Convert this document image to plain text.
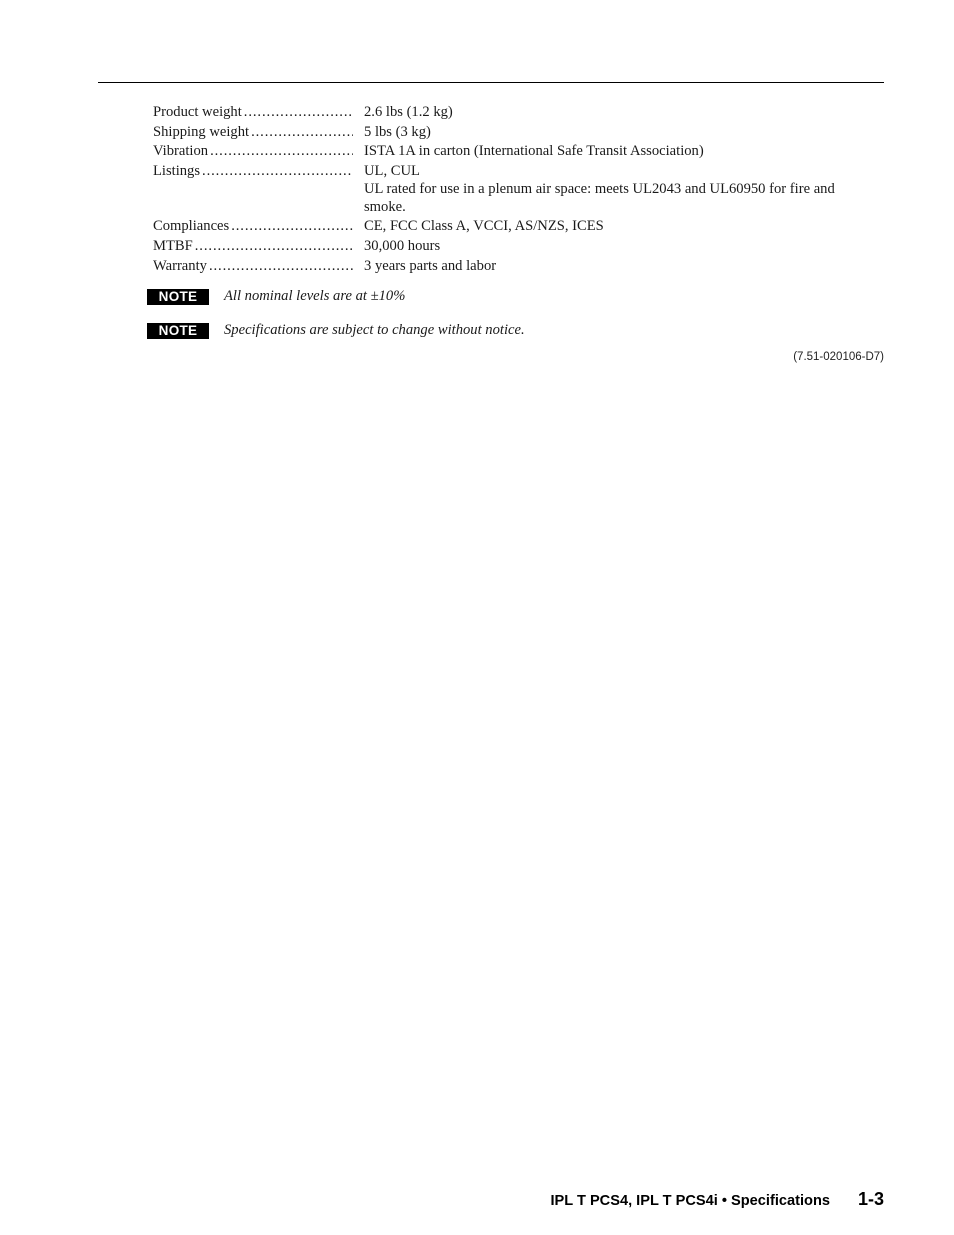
Product weight .....	2.6 lbs (1.2 kg)
Shipping weight .....	5 lbs (3 kg)
Vibration .....	ISTA 1A in carton (International Safe Transit Association)
Listings .....	UL, CUL
UL rated for use in a plenum air space: meets UL2043 and UL60950 for fire and
smoke.
Compliances .....	CE, FCC Class A, VCCI, AS/NZS, ICES
MTBF .....	30,000 hours
Warranty .....	3 years parts and labor
NOTE	All nominal levels are at ±10%
NOTE	Specifications are subject to change without notice.
(7.51-020106-D7)
IPL T PCS4, IPL T PCS4i • Specifications 1-3
